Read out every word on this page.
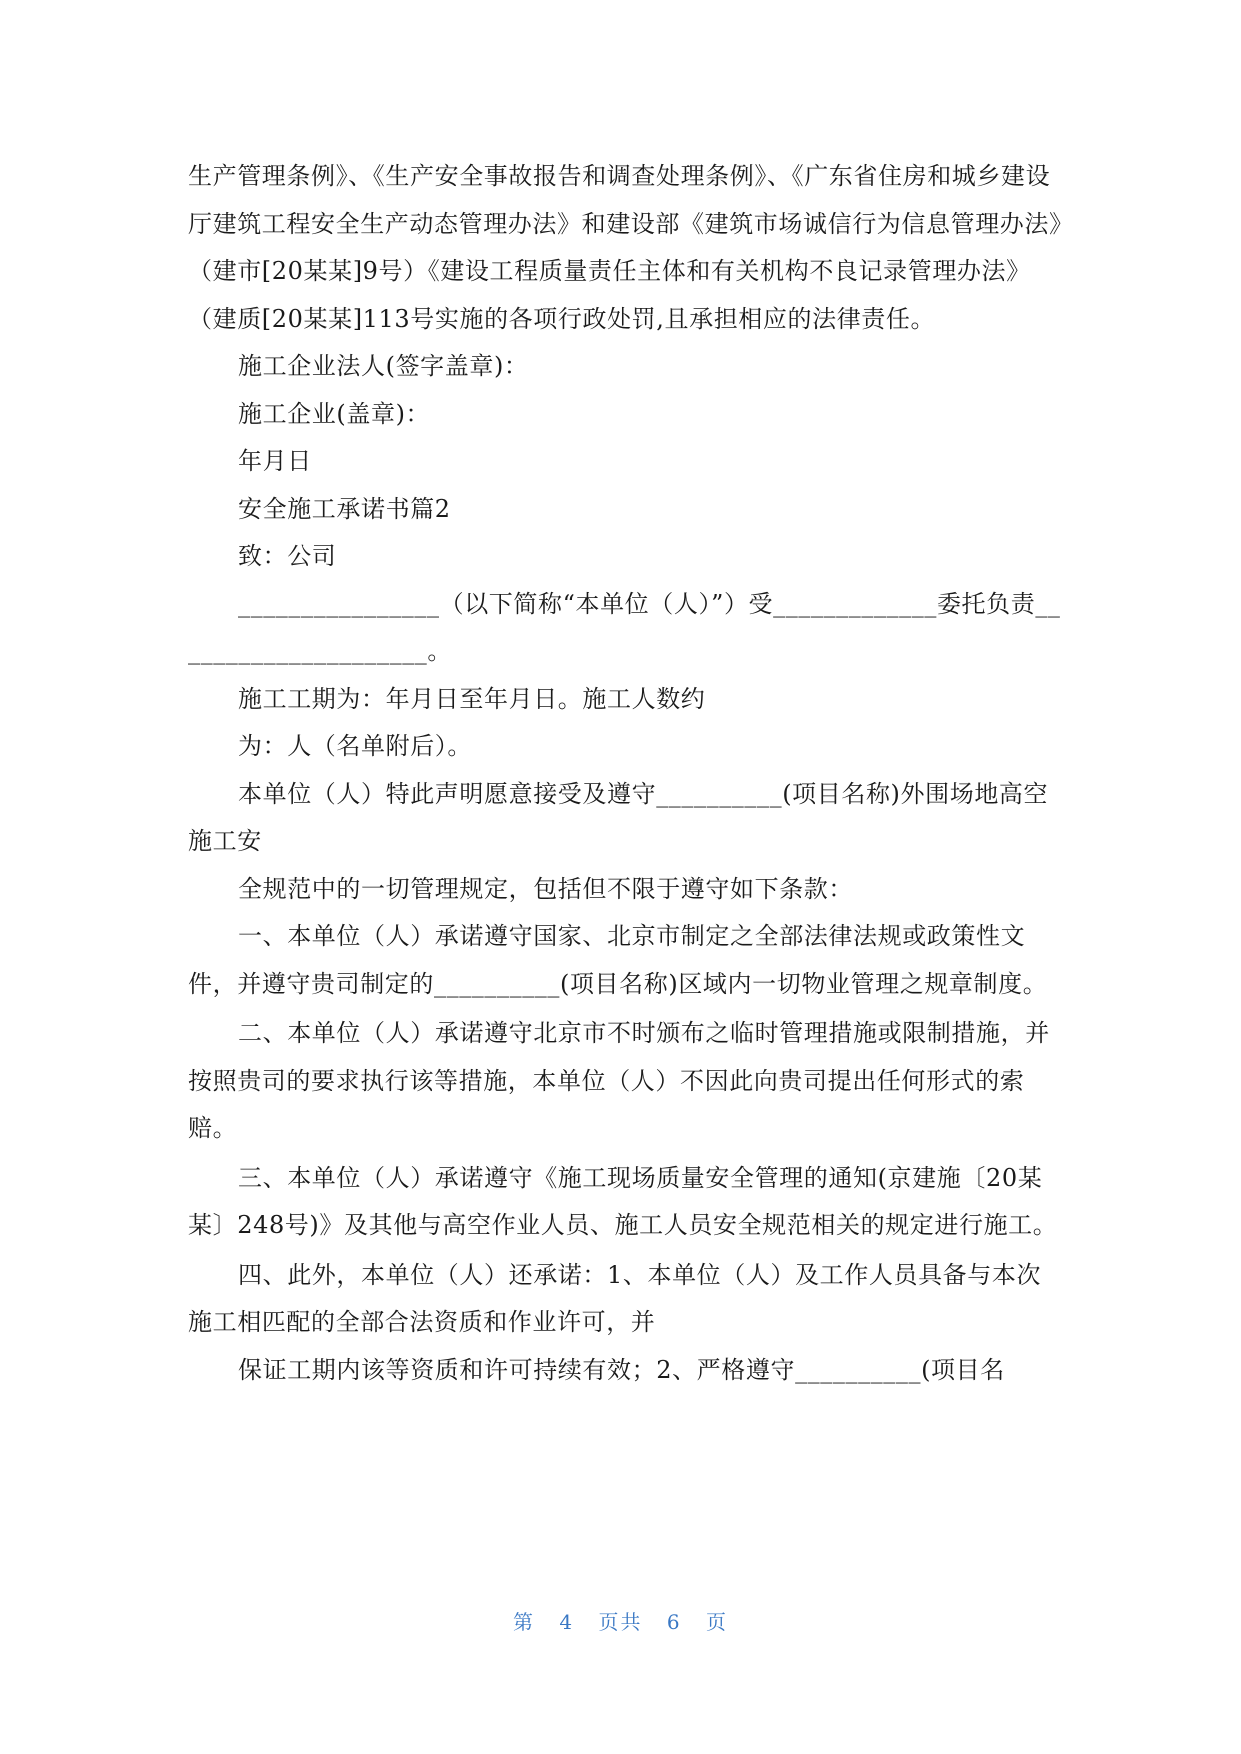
生产管理条例》、《生产安全事故报告和调查处理条例》、《广东省住房和城乡建设厅建筑工程安全生产动态管理办法》和建设部《建筑市场诚信行为信息管理办法》（建市[20某某]9号）《建设工程质量责任主体和有关机构不良记录管理办法》（建质[20某某]113号实施的各项行政处罚,且承担相应的法律责任。

施工企业法人(签字盖章)：

施工企业(盖章)：

年月日

安全施工承诺书篇2

致：公司

________________（以下简称“本单位（人）”）受_____________委托负责_____________________。

施工工期为：年月日至年月日。施工人数约

为：人（名单附后）。

本单位（人）特此声明愿意接受及遵守__________(项目名称)外围场地高空施工安

全规范中的一切管理规定，包括但不限于遵守如下条款：

一、本单位（人）承诺遵守国家、北京市制定之全部法律法规或政策性文件，并遵守贵司制定的__________(项目名称)区域内一切物业管理之规章制度。

二、本单位（人）承诺遵守北京市不时颁布之临时管理措施或限制措施，并按照贵司的要求执行该等措施，本单位（人）不因此向贵司提出任何形式的索赔。

三、本单位（人）承诺遵守《施工现场质量安全管理的通知(京建施〔20某某〕248号)》及其他与高空作业人员、施工人员安全规范相关的规定进行施工。

四、此外，本单位（人）还承诺：1、本单位（人）及工作人员具备与本次施工相匹配的全部合法资质和作业许可，并

保证工期内该等资质和许可持续有效；2、严格遵守__________(项目名

第 4 页共 6 页
